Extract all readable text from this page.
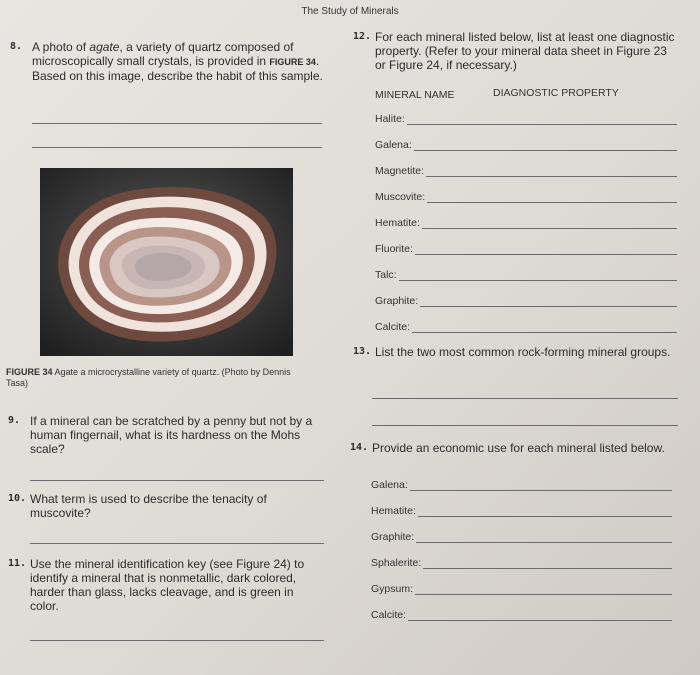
The Study of Minerals
8. A photo of agate, a variety of quartz composed of microscopically small crystals, is provided in FIGURE 34. Based on this image, describe the habit of this sample.
FIGURE 34 Agate a microcrystalline variety of quartz. (Photo by Dennis Tasa)
9. If a mineral can be scratched by a penny but not by a human fingernail, what is its hardness on the Mohs scale?
10. What term is used to describe the tenacity of muscovite?
11. Use the mineral identification key (see Figure 24) to identify a mineral that is nonmetallic, dark colored, harder than glass, lacks cleavage, and is green in color.
12. For each mineral listed below, list at least one diagnostic property. (Refer to your mineral data sheet in Figure 23 or Figure 24, if necessary.)
MINERAL NAME	DIAGNOSTIC PROPERTY
Halite:
Galena:
Magnetite:
Muscovite:
Hematite:
Fluorite:
Talc:
Graphite:
Calcite:
13. List the two most common rock-forming mineral groups.
14. Provide an economic use for each mineral listed below.
Galena:
Hematite:
Graphite:
Sphalerite:
Gypsum:
Calcite:
